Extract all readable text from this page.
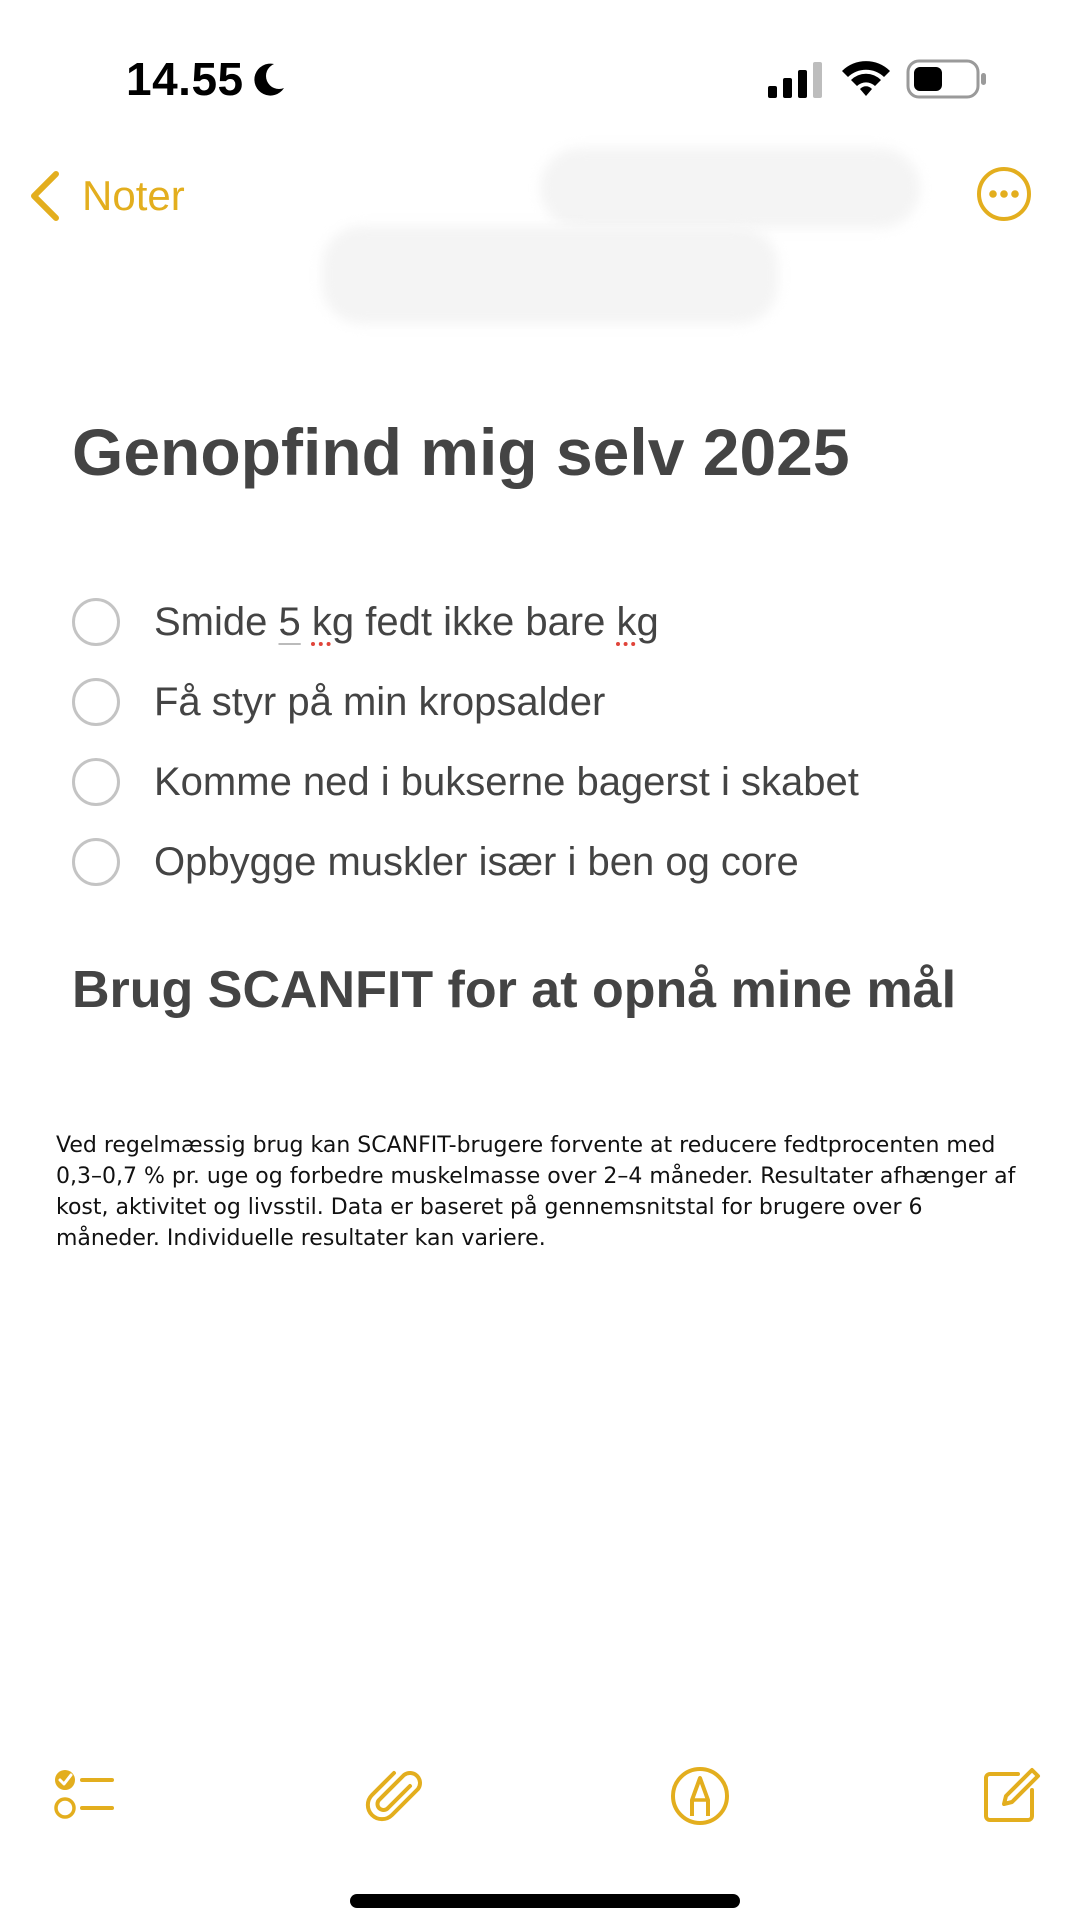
14.55
Noter
Genopfind mig selv 2025
Smide 5 kg fedt ikke bare kg
Få styr på min kropsalder
Komme ned i bukserne bagerst i skabet
Opbygge muskler især i ben og core
Brug SCANFIT for at opnå mine mål
Ved regelmæssig brug kan SCANFIT-brugere forvente at reducere fedtprocenten med 0,3–0,7 % pr. uge og forbedre muskelmasse over 2–4 måneder. Resultater afhænger af kost, aktivitet og livsstil. Data er baseret på gennemsnitstal for brugere over 6 måneder. Individuelle resultater kan variere.
